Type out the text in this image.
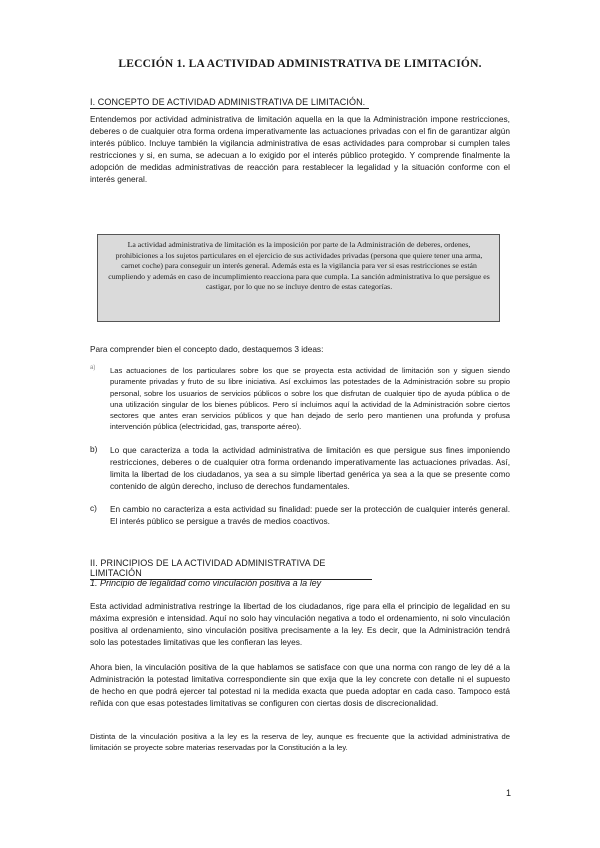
LECCIÓN 1. LA ACTIVIDAD ADMINISTRATIVA DE LIMITACIÓN.
I. CONCEPTO DE ACTIVIDAD ADMINISTRATIVA DE LIMITACIÓN.

Entendemos por actividad administrativa de limitación aquella en la que la Administración impone restricciones, deberes o de cualquier otra forma ordena imperativamente las actuaciones privadas con el fin de garantizar algún interés público. Incluye también la vigilancia administrativa de esas actividades para comprobar si cumplen tales restricciones y si, en suma, se adecuan a lo exigido por el interés público protegido. Y comprende finalmente la adopción de medidas administrativas de reacción para restablecer la legalidad y la situación conforme con el interés general.

La actividad administrativa de limitación es la imposición por parte de la Administración de deberes, ordenes, prohibiciones a los sujetos particulares en el ejercicio de sus actividades privadas (persona que quiere tener una arma, carnet coche) para conseguir un interés general. Además esta es la vigilancia para ver si esas restricciones se están cumpliendo y además en caso de incumplimiento reacciona para que cumpla. La sanción administrativa lo que persigue es castigar, por lo que no se incluye dentro de estas categorías.

Para comprender bien el concepto dado, destaquemos 3 ideas:

a)	Las actuaciones de los particulares sobre los que se proyecta esta actividad de limitación son y siguen siendo puramente privadas y fruto de su libre iniciativa. Así excluimos las potestades de la Administración sobre su propio personal, sobre los usuarios de servicios públicos o sobre los que disfrutan de cualquier tipo de ayuda pública o de una utilización singular de los bienes públicos. Pero sí incluimos aquí la actividad de la Administración sobre ciertos sectores que antes eran servicios públicos y que han dejado de serlo pero mantienen una profunda y profusa intervención pública (electricidad, gas, transporte aéreo).

b)	Lo que caracteriza a toda la actividad administrativa de limitación es que persigue sus fines imponiendo restricciones, deberes o de cualquier otra forma ordenando imperativamente las actuaciones privadas. Así, limita la libertad de los ciudadanos, ya sea a su simple libertad genérica ya sea a la que se presente como contenido de algún derecho, incluso de derechos fundamentales.

c)	En cambio no caracteriza a esta actividad su finalidad: puede ser la protección de cualquier interés general. El interés público se persigue a través de medios coactivos.

II. PRINCIPIOS DE LA ACTIVIDAD ADMINISTRATIVA DE LIMITACIÓN
1. Principio de legalidad como vinculación positiva a la ley

Esta actividad administrativa restringe la libertad de los ciudadanos, rige para ella el principio de legalidad en su máxima expresión e intensidad. Aquí no solo hay vinculación negativa a todo el ordenamiento, ni solo vinculación positiva al ordenamiento, sino vinculación positiva precisamente a la ley. Es decir, que la Administración tendrá solo las potestades limitativas que les confieran las leyes.

Ahora bien, la vinculación positiva de la que hablamos se satisface con que una norma con rango de ley dé a la Administración la potestad limitativa correspondiente sin que exija que la ley concrete con detalle ni el supuesto de hecho en que podrá ejercer tal potestad ni la medida exacta que pueda adoptar en cada caso. Tampoco está reñida con que esas potestades limitativas se configuren con ciertas dosis de discrecionalidad.

Distinta de la vinculación positiva a la ley es la reserva de ley, aunque es frecuente que la actividad administrativa de limitación se proyecte sobre materias reservadas por la Constitución a la ley.

1
